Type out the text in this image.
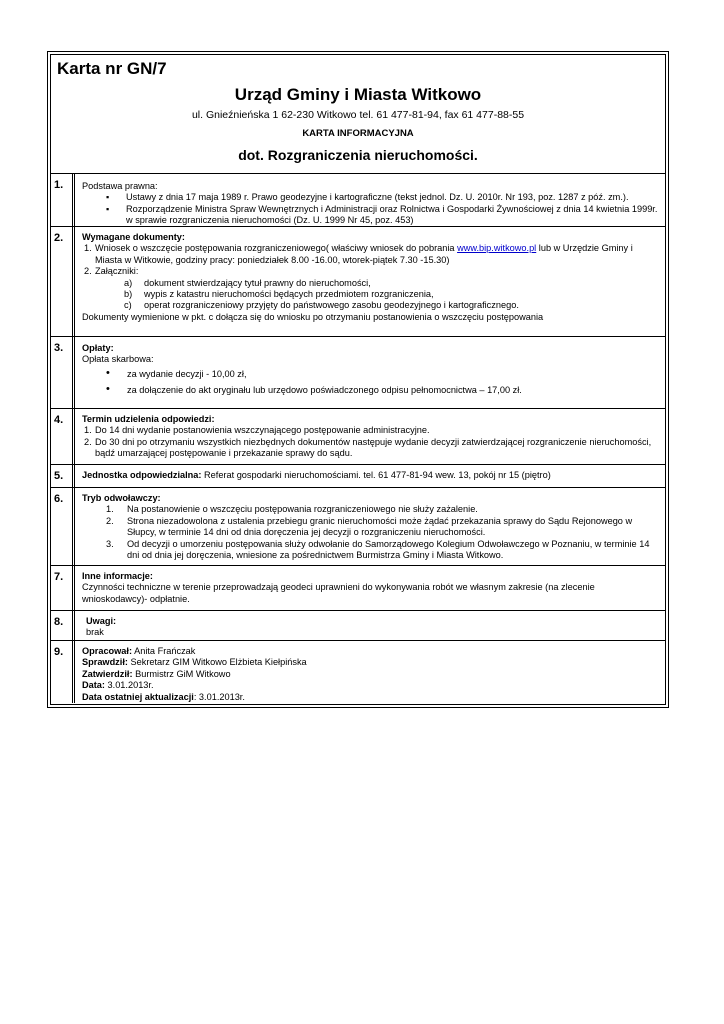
Karta nr GN/7
Urząd Gminy i Miasta Witkowo
ul. Gnieźnieńska 1 62-230 Witkowo tel. 61 477-81-94, fax 61 477-88-55
KARTA INFORMACYJNA
dot. Rozgraniczenia nieruchomości.
1. Podstawa prawna:
▪ Ustawy z dnia 17 maja 1989 r. Prawo geodezyjne i kartograficzne (tekst jednol. Dz. U. 2010r. Nr 193, poz. 1287 z póź. zm.).
▪ Rozporządzenie Ministra Spraw Wewnętrznych i Administracji oraz Rolnictwa i Gospodarki Żywnościowej z dnia 14 kwietnia 1999r. w sprawie rozgraniczenia nieruchomości (Dz. U. 1999 Nr 45, poz. 453)
2. Wymagane dokumenty:
1. Wniosek o wszczęcie postępowania rozgraniczeniowego( właściwy wniosek do pobrania www.bip.witkowo.pl lub w Urzędzie Gminy i Miasta w Witkowie, godziny pracy: poniedziałek 8.00 -16.00, wtorek-piątek 7.30 -15.30)
2. Załączniki:
a) dokument stwierdzający tytuł prawny do nieruchomości,
b) wypis z katastru nieruchomości będących przedmiotem rozgraniczenia,
c) operat rozgraniczeniowy przyjęty do państwowego zasobu geodezyjnego i kartograficznego.
Dokumenty wymienione w pkt. c dołącza się do wniosku po otrzymaniu postanowienia o wszczęciu postępowania
3. Opłaty:
Opłata skarbowa:
• za wydanie decyzji - 10,00 zł,
• za dołączenie do akt oryginału lub urzędowo poświadczonego odpisu pełnomocnictwa – 17,00 zł.
4. Termin udzielenia odpowiedzi:
1. Do 14 dni wydanie postanowienia wszczynającego postępowanie administracyjne.
2. Do 30 dni po otrzymaniu wszystkich niezbędnych dokumentów następuje wydanie decyzji zatwierdzającej rozgraniczenie nieruchomości, bądź umarzającej postępowanie i przekazanie sprawy do sądu.
5.	Jednostka odpowiedzialna: Referat gospodarki nieruchomościami. tel. 61 477-81-94 wew. 13, pokój nr 15 (piętro)
6. Tryb odwoławczy:
1. Na postanowienie o wszczęciu postępowania rozgraniczeniowego nie służy zażalenie.
2. Strona niezadowolona z ustalenia przebiegu granic nieruchomości może żądać przekazania sprawy do Sądu Rejonowego w Słupcy, w terminie 14 dni od dnia doręczenia jej decyzji o rozgraniczeniu nieruchomości.
3. Od decyzji o umorzeniu postępowania służy odwołanie do Samorządowego Kolegium Odwoławczego w Poznaniu, w terminie 14 dni od dnia jej doręczenia, wniesione za pośrednictwem Burmistrza Gminy i Miasta Witkowo.
7. Inne informacje:
Czynności techniczne w terenie przeprowadzają geodeci uprawnieni do wykonywania robót we własnym zakresie (na zlecenie wnioskodawcy)- odpłatnie.
8. Uwagi:
brak
9. Opracował: Anita Frańczak
Sprawdził: Sekretarz GIM Witkowo Elżbieta Kiełpińska
Zatwierdził: Burmistrz GiM Witkowo
Data: 3.01.2013r.
Data ostatniej aktualizacji: 3.01.2013r.
